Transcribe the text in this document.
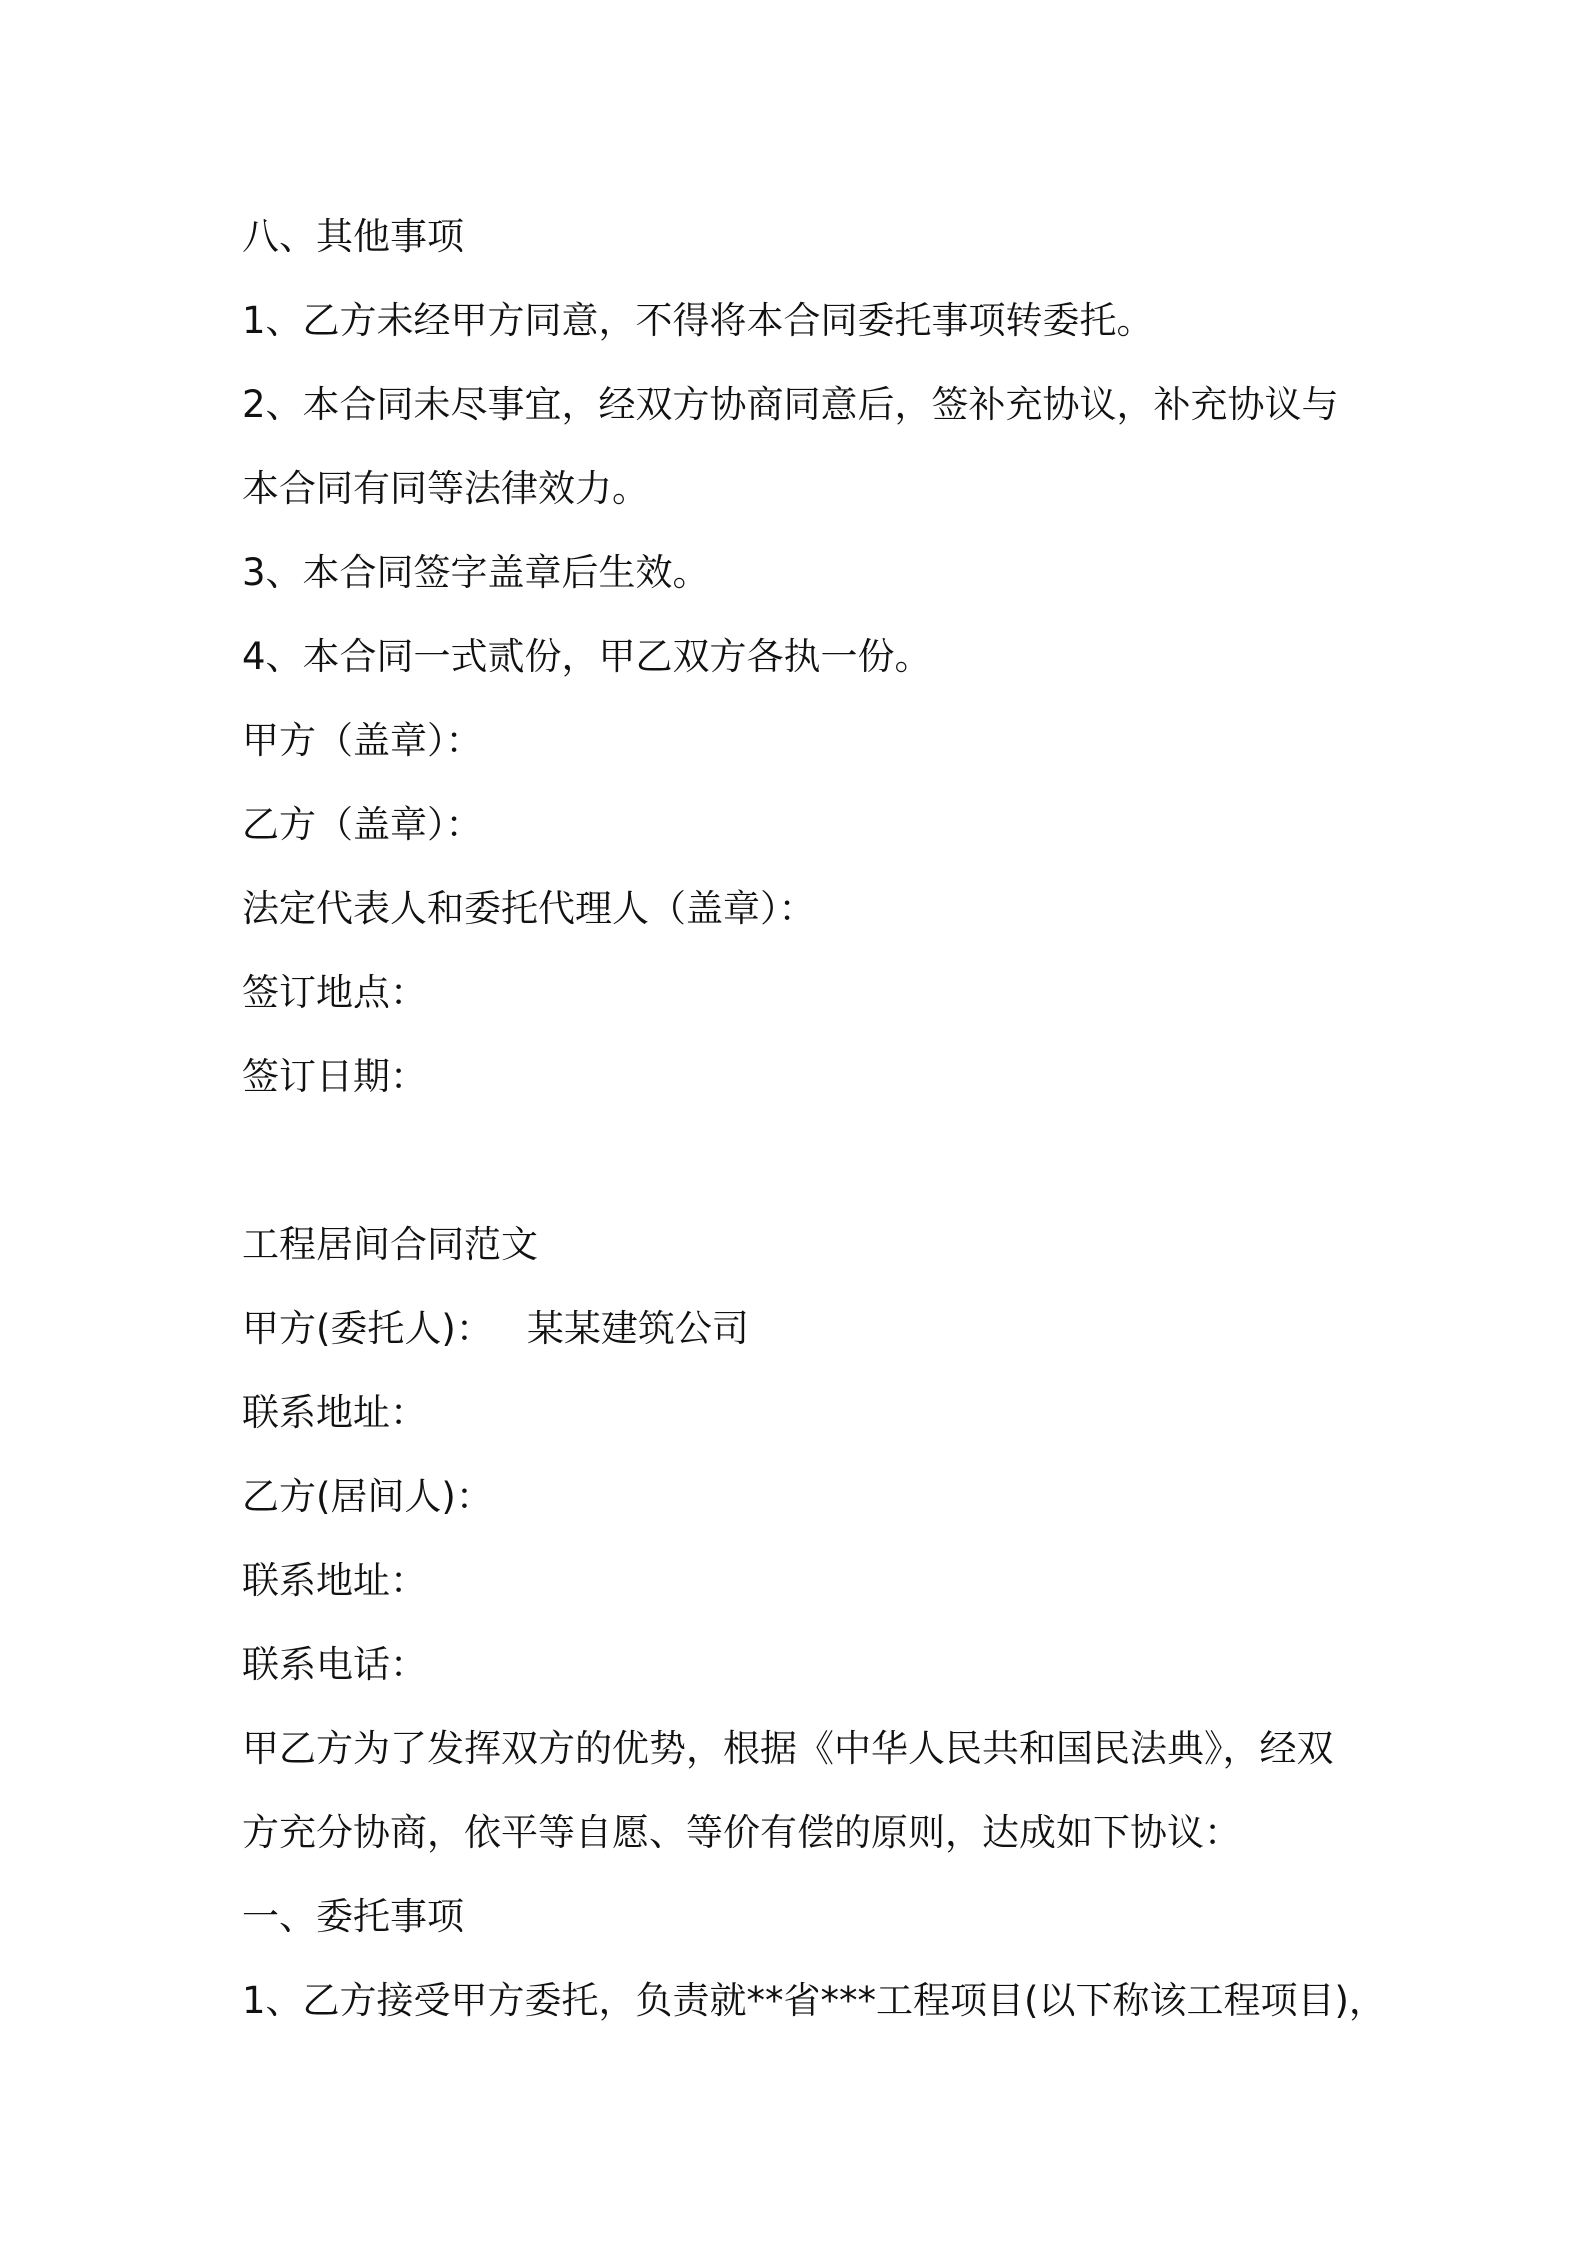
八、其他事项
1、乙方未经甲方同意，不得将本合同委托事项转委托。
2、本合同未尽事宜，经双方协商同意后，签补充协议，补充协议与
本合同有同等法律效力。
3、本合同签字盖章后生效。
4、本合同一式贰份，甲乙双方各执一份。
甲方（盖章）：
乙方（盖章）：
法定代表人和委托代理人（盖章）：
签订地点：
签订日期：
工程居间合同范文
甲方(委托人)： 某某建筑公司
联系地址：
乙方(居间人)：
联系地址：
联系电话：
甲乙方为了发挥双方的优势，根据《中华人民共和国民法典》，经双
方充分协商，依平等自愿、等价有偿的原则，达成如下协议：
一、委托事项
1、乙方接受甲方委托，负责就**省***工程项目(以下称该工程项目)，
